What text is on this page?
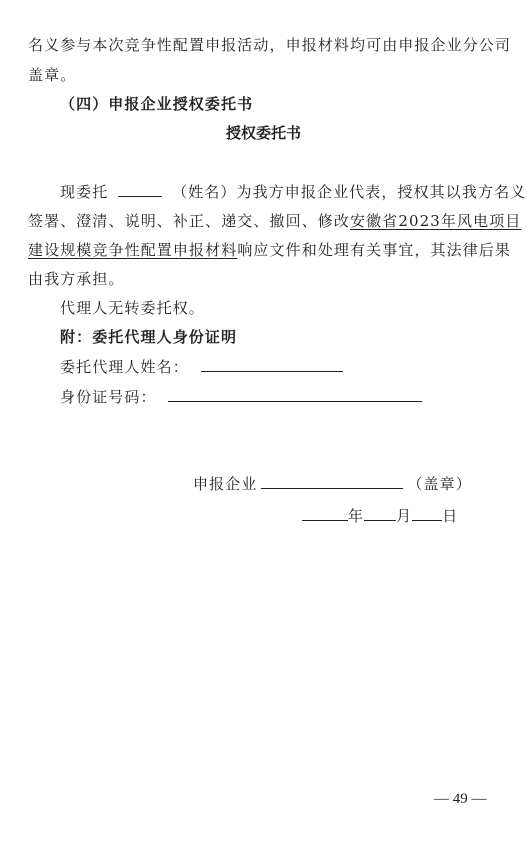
名义参与本次竞争性配置申报活动，申报材料均可由申报企业分公司
盖章。
（四）申报企业授权委托书
授权委托书
现委托	（姓名）为我方申报企业代表，授权其以我方名义
签署、澄清、说明、补正、递交、撤回、修改安徽省2023年风电项目
建设规模竞争性配置申报材料响应文件和处理有关事宜，其法律后果
由我方承担。
代理人无转委托权。
附：委托代理人身份证明
委托代理人姓名：
身份证号码：
申报企业	（盖章）
年 月 日
— 49 —
